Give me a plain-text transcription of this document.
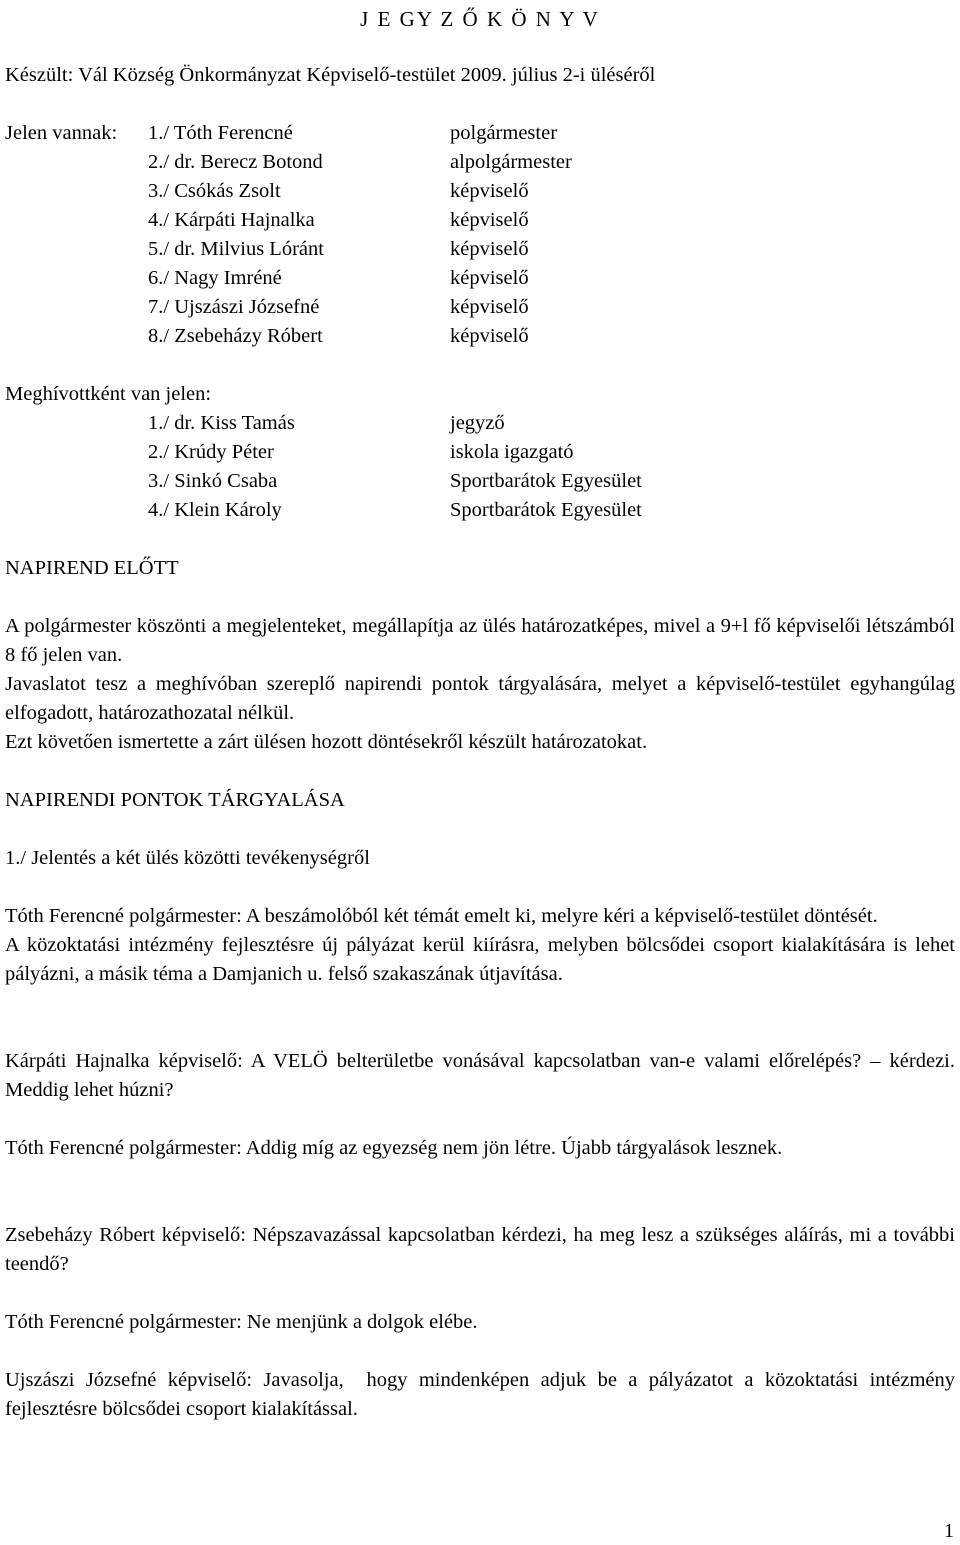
J E GY Z Ő K Ö N Y V
Készült: Vál Község Önkormányzat Képviselő-testület 2009. július 2-i üléséről
Jelen vannak: 1./ Tóth Ferencné
2./ dr. Berecz Botond
3./ Csókás Zsolt
4./ Kárpáti Hajnalka
5./ dr. Milvius Lóránt
6./ Nagy Imréné
7./ Ujszászi Józsefné
8./ Zsebeházy Róbert
polgármester
alpolgármester
képviselő
képviselő
képviselő
képviselő
képviselő
képviselő
Meghívottként van jelen:
1./ dr. Kiss Tamás
2./ Krúdy Péter
3./ Sinkó Csaba
4./ Klein Károly
jegyző
iskola igazgató
Sportbarátok Egyesület
Sportbarátok Egyesület
NAPIREND ELŐTT

A polgármester köszönti a megjelenteket, megállapítja az ülés határozatképes, mivel a 9+l fő képviselői létszámból 8 fő jelen van.

Javaslatot tesz a meghívóban szereplő napirendi pontok tárgyalására, melyet a képviselő-testület egyhangúlag elfogadott, határozathozatal nélkül.

Ezt követően ismertette a zárt ülésen hozott döntésekről készült határozatokat.

NAPIRENDI PONTOK TÁRGYALÁSA
1./ Jelentés a két ülés közötti tevékenységről

Tóth Ferencné polgármester: A beszámolóból két témát emelt ki, melyre kéri a képviselő-testület döntését.

A közoktatási intézmény fejlesztésre új pályázat kerül kiírásra, melyben bölcsődei csoport kialakítására is lehet pályázni, a másik téma a Damjanich u. felső szakaszának útjavítása.

Kárpáti Hajnalka képviselő: A VELÖ belterületbe vonásával kapcsolatban van-e valami előrelépés? – kérdezi. Meddig lehet húzni?

Tóth Ferencné polgármester: Addig míg az egyezség nem jön létre. Újabb tárgyalások lesznek.

Zsebeházy Róbert képviselő: Népszavazással kapcsolatban kérdezi, ha meg lesz a szükséges aláírás, mi a további teendő?

Tóth Ferencné polgármester: Ne menjünk a dolgok elébe.

Ujszászi Józsefné képviselő: Javasolja,  hogy mindenképen adjuk be a pályázatot a közoktatási intézmény fejlesztésre bölcsődei csoport kialakítással.

1
